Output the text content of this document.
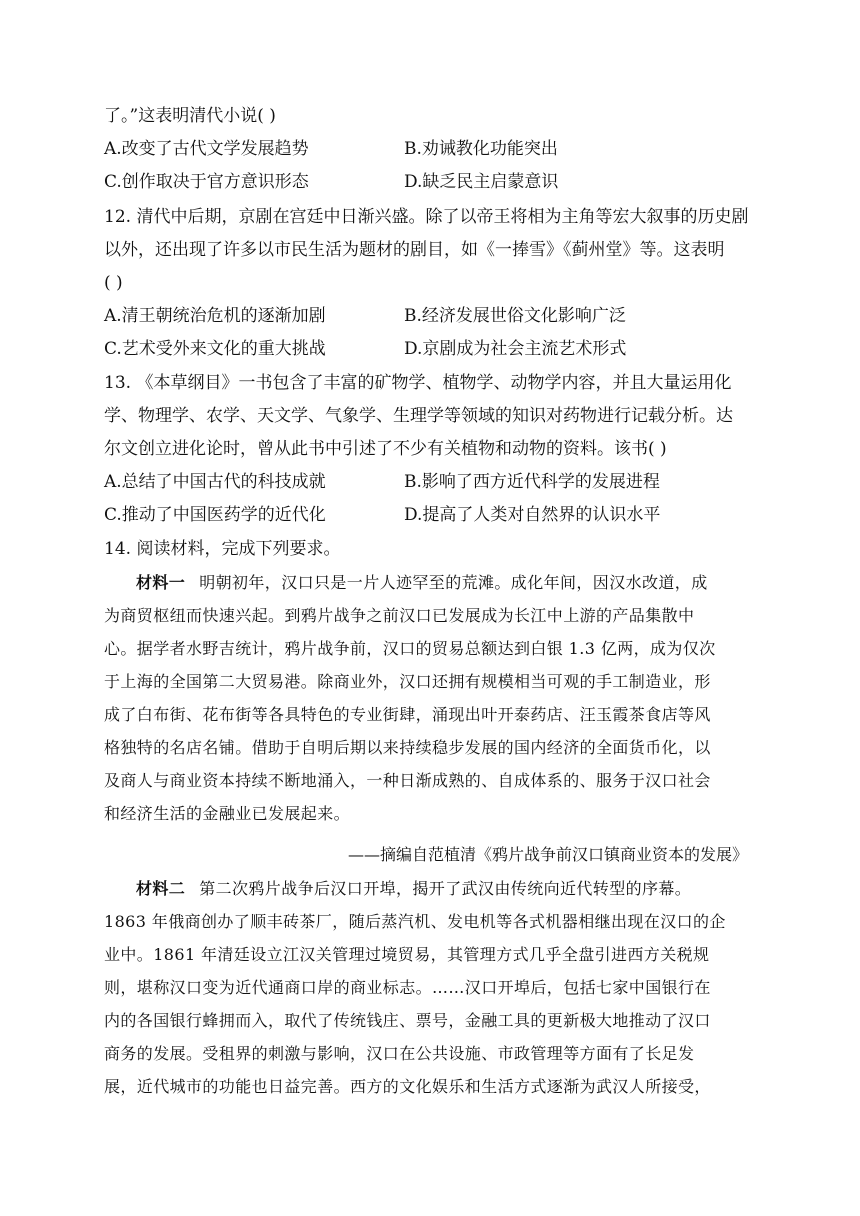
了。”这表明清代小说( )

A.改变了古代文学发展趋势	B.劝诫教化功能突出

C.创作取决于官方意识形态	D.缺乏民主启蒙意识

12. 清代中后期，京剧在宫廷中日渐兴盛。除了以帝王将相为主角等宏大叙事的历史剧

以外，还出现了许多以市民生活为题材的剧目，如《一捧雪》《蓟州堂》等。这表明

( )

A.清王朝统治危机的逐渐加剧	B.经济发展世俗文化影响广泛

C.艺术受外来文化的重大挑战	D.京剧成为社会主流艺术形式

13. 《本草纲目》一书包含了丰富的矿物学、植物学、动物学内容，并且大量运用化

学、物理学、农学、天文学、气象学、生理学等领域的知识对药物进行记载分析。达

尔文创立进化论时，曾从此书中引述了不少有关植物和动物的资料。该书( )

A.总结了中国古代的科技成就	B.影响了西方近代科学的发展进程

C.推动了中国医药学的近代化	D.提高了人类对自然界的认识水平

14. 阅读材料，完成下列要求。

材料一 明朝初年，汉口只是一片人迹罕至的荒滩。成化年间，因汉水改道，成

为商贸枢纽而快速兴起。到鸦片战争之前汉口已发展成为长江中上游的产品集散中

心。据学者水野吉统计，鸦片战争前，汉口的贸易总额达到白银 1.3 亿两，成为仅次

于上海的全国第二大贸易港。除商业外，汉口还拥有规模相当可观的手工制造业，形

成了白布街、花布街等各具特色的专业街肆，涌现出叶开泰药店、汪玉霞茶食店等风

格独特的名店名铺。借助于自明后期以来持续稳步发展的国内经济的全面货币化，以

及商人与商业资本持续不断地涌入，一种日渐成熟的、自成体系的、服务于汉口社会

和经济生活的金融业已发展起来。

——摘编自范植清《鸦片战争前汉口镇商业资本的发展》

材料二 第二次鸦片战争后汉口开埠，揭开了武汉由传统向近代转型的序幕。

1863 年俄商创办了顺丰砖茶厂，随后蒸汽机、发电机等各式机器相继出现在汉口的企

业中。1861 年清廷设立江汉关管理过境贸易，其管理方式几乎全盘引进西方关税规

则，堪称汉口变为近代通商口岸的商业标志。……汉口开埠后，包括七家中国银行在

内的各国银行蜂拥而入，取代了传统钱庄、票号，金融工具的更新极大地推动了汉口

商务的发展。受租界的刺激与影响，汉口在公共设施、市政管理等方面有了长足发

展，近代城市的功能也日益完善。西方的文化娱乐和生活方式逐渐为武汉人所接受，
